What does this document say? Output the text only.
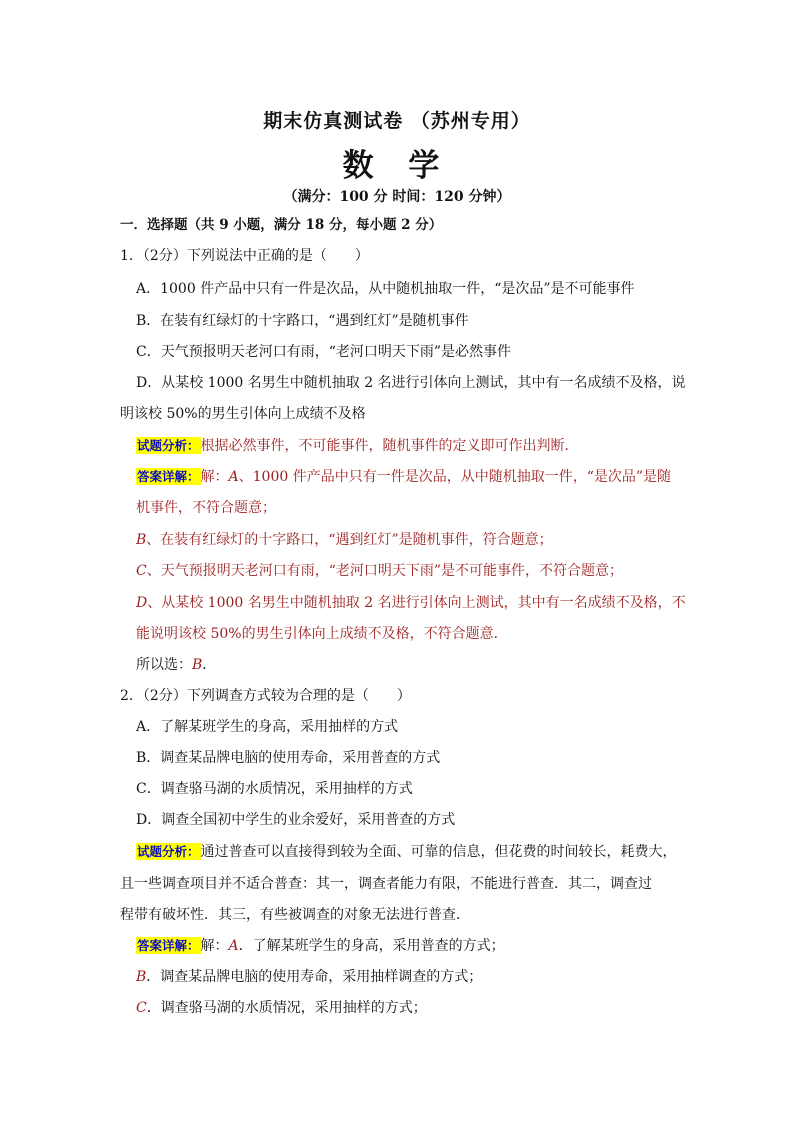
期末仿真测试卷 （苏州专用）
数 学
（满分：100 分 时间：120 分钟）
一．选择题（共 9 小题，满分 18 分，每小题 2 分）
1．（2分）下列说法中正确的是（　　）
A．1000 件产品中只有一件是次品，从中随机抽取一件，“是次品”是不可能事件
B．在装有红绿灯的十字路口，“遇到红灯”是随机事件
C．天气预报明天老河口有雨，“老河口明天下雨”是必然事件
D．从某校 1000 名男生中随机抽取 2 名进行引体向上测试，其中有一名成绩不及格，说
明该校 50%的男生引体向上成绩不及格
试题分析：根据必然事件，不可能事件，随机事件的定义即可作出判断．
答案详解：解：A、1000 件产品中只有一件是次品，从中随机抽取一件，“是次品”是随
机事件，不符合题意；
B、在装有红绿灯的十字路口，“遇到红灯”是随机事件，符合题意；
C、天气预报明天老河口有雨，“老河口明天下雨”是不可能事件，不符合题意；
D、从某校 1000 名男生中随机抽取 2 名进行引体向上测试，其中有一名成绩不及格，不
能说明该校 50%的男生引体向上成绩不及格，不符合题意．
所以选：B．
2．（2分）下列调查方式较为合理的是（　　）
A．了解某班学生的身高，采用抽样的方式
B．调查某品牌电脑的使用寿命，采用普查的方式
C．调查骆马湖的水质情况，采用抽样的方式
D．调查全国初中学生的业余爱好，采用普查的方式
试题分析：通过普查可以直接得到较为全面、可靠的信息，但花费的时间较长，耗费大，
且一些调查项目并不适合普查：其一，调查者能力有限，不能进行普查．其二，调查过
程带有破坏性．其三，有些被调查的对象无法进行普查．
答案详解：解：A．了解某班学生的身高，采用普查的方式；
B．调查某品牌电脑的使用寿命，采用抽样调查的方式；
C．调查骆马湖的水质情况，采用抽样的方式；
